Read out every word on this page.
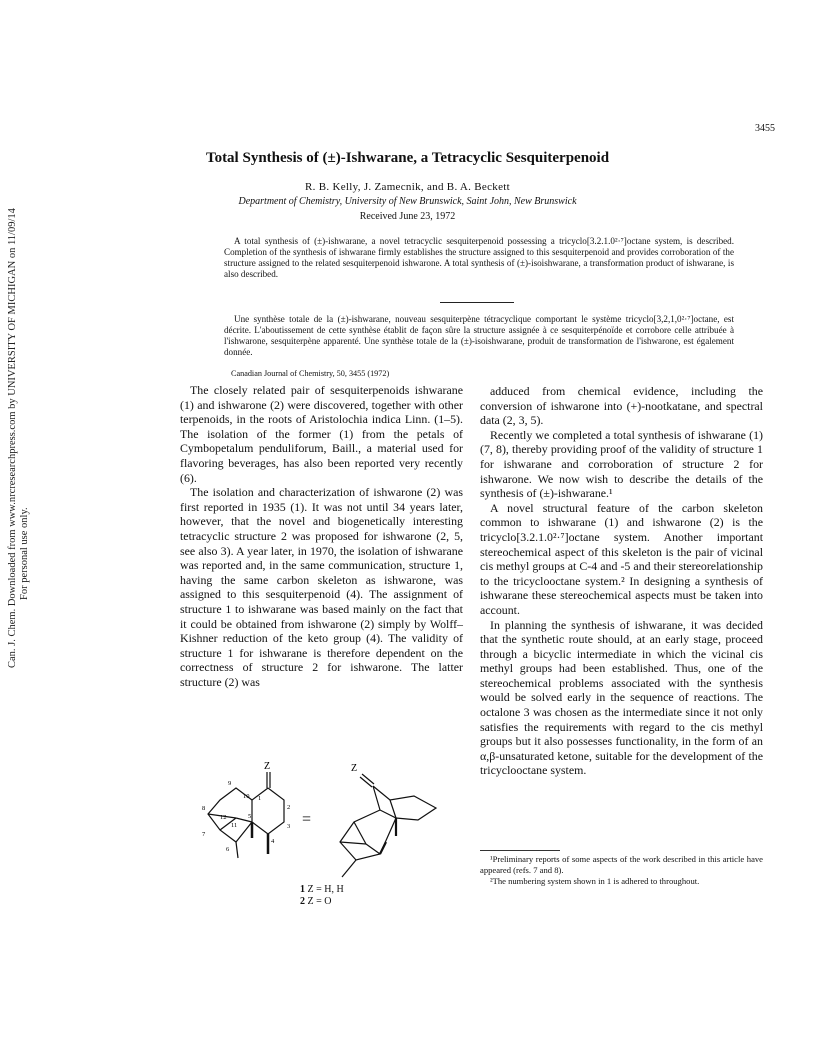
Can. J. Chem. Downloaded from www.nrcresearchpress.com by UNIVERSITY OF MICHIGAN on 11/09/14 For personal use only.
3455
Total Synthesis of (±)-Ishwarane, a Tetracyclic Sesquiterpenoid
R. B. Kelly, J. Zamecnik, and B. A. Beckett
Department of Chemistry, University of New Brunswick, Saint John, New Brunswick
Received June 23, 1972

A total synthesis of (±)-ishwarane, a novel tetracyclic sesquiterpenoid possessing a tricyclo[3.2.1.0²·⁷]octane system, is described. Completion of the synthesis of ishwarane firmly establishes the structure assigned to this sesquiterpenoid and provides corroboration of the structure assigned to the related sesquiterpenoid ishwarone. A total synthesis of (±)-isoishwarane, a transformation product of ishwarane, is also described.

Une synthèse totale de la (±)-ishwarane, nouveau sesquiterpène tétracyclique comportant le système tricyclo[3,2,1,0²·⁷]octane, est décrite. L'aboutissement de cette synthèse établit de façon sûre la structure assignée à ce sesquiterpénoïde et corrobore celle attribuée à l'ishwarone, sesquiterpène apparenté. Une synthèse totale de la (±)-isoishwarane, produit de transformation de l'ishwarone, est également donnée.

Canadian Journal of Chemistry, 50, 3455 (1972)

The closely related pair of sesquiterpenoids ishwarane (1) and ishwarone (2) were discovered, together with other terpenoids, in the roots of Aristolochia indica Linn. (1–5). The isolation of the former (1) from the petals of Cymbopetalum penduliforum, Baill., a material used for flavoring beverages, has also been reported very recently (6).

The isolation and characterization of ishwarone (2) was first reported in 1935 (1). It was not until 34 years later, however, that the novel and biogenetically interesting tetracyclic structure 2 was proposed for ishwarone (2, 5, see also 3). A year later, in 1970, the isolation of ishwarane was reported and, in the same communication, structure 1, having the same carbon skeleton as ishwarone, was assigned to this sesquiterpenoid (4). The assignment of structure 1 to ishwarane was based mainly on the fact that it could be obtained from ishwarone (2) simply by Wolff–Kishner reduction of the keto group (4). The validity of structure 1 for ishwarane is therefore dependent on the correctness of structure 2 for ishwarone. The latter structure (2) was

adduced from chemical evidence, including the conversion of ishwarone into (+)-nootkatane, and spectral data (2, 3, 5).

Recently we completed a total synthesis of ishwarane (1) (7, 8), thereby providing proof of the validity of structure 1 for ishwarane and corroboration of structure 2 for ishwarone. We now wish to describe the details of the synthesis of (±)-ishwarane.¹

A novel structural feature of the carbon skeleton common to ishwarane (1) and ishwarone (2) is the tricyclo[3.2.1.0²·⁷]octane system. Another important stereochemical aspect of this skeleton is the pair of vicinal cis methyl groups at C-4 and -5 and their stereorelationship to the tricyclooctane system.² In designing a synthesis of ishwarane these stereochemical aspects must be taken into account.

In planning the synthesis of ishwarane, it was decided that the synthetic route should, at an early stage, proceed through a bicyclic intermediate in which the vicinal cis methyl groups had been established. Thus, one of the stereochemical problems associated with the synthesis would be solved early in the sequence of reactions. The octalone 3 was chosen as the intermediate since it not only satisfies the requirements with regard to the cis methyl groups but it also possesses functionality, in the form of an α,β-unsaturated ketone, suitable for the development of the tricyclooctane system.

¹Preliminary reports of some aspects of the work described in this article have appeared (refs. 7 and 8).

²The numbering system shown in 1 is adhered to throughout.

Z
10
9
8
12
11
1
2
5
3
7
4
6
=
Z
1 Z = H, H
2 Z = O
